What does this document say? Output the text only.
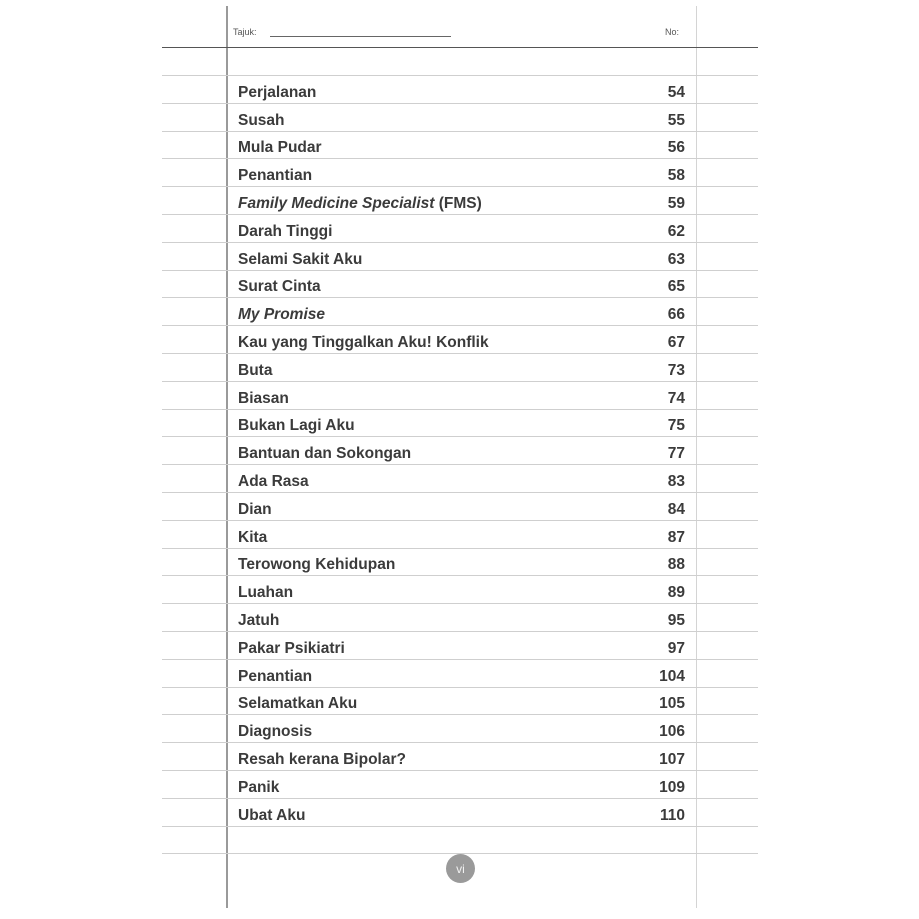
Tajuk:	No:
Perjalanan	54
Susah	55
Mula Pudar	56
Penantian	58
Family Medicine Specialist (FMS)	59
Darah Tinggi	62
Selami Sakit Aku	63
Surat Cinta	65
My Promise	66
Kau yang Tinggalkan Aku! Konflik	67
Buta	73
Biasan	74
Bukan Lagi Aku	75
Bantuan dan Sokongan	77
Ada Rasa	83
Dian	84
Kita	87
Terowong Kehidupan	88
Luahan	89
Jatuh	95
Pakar Psikiatri	97
Penantian	104
Selamatkan Aku	105
Diagnosis	106
Resah kerana Bipolar?	107
Panik	109
Ubat Aku	110
vi
